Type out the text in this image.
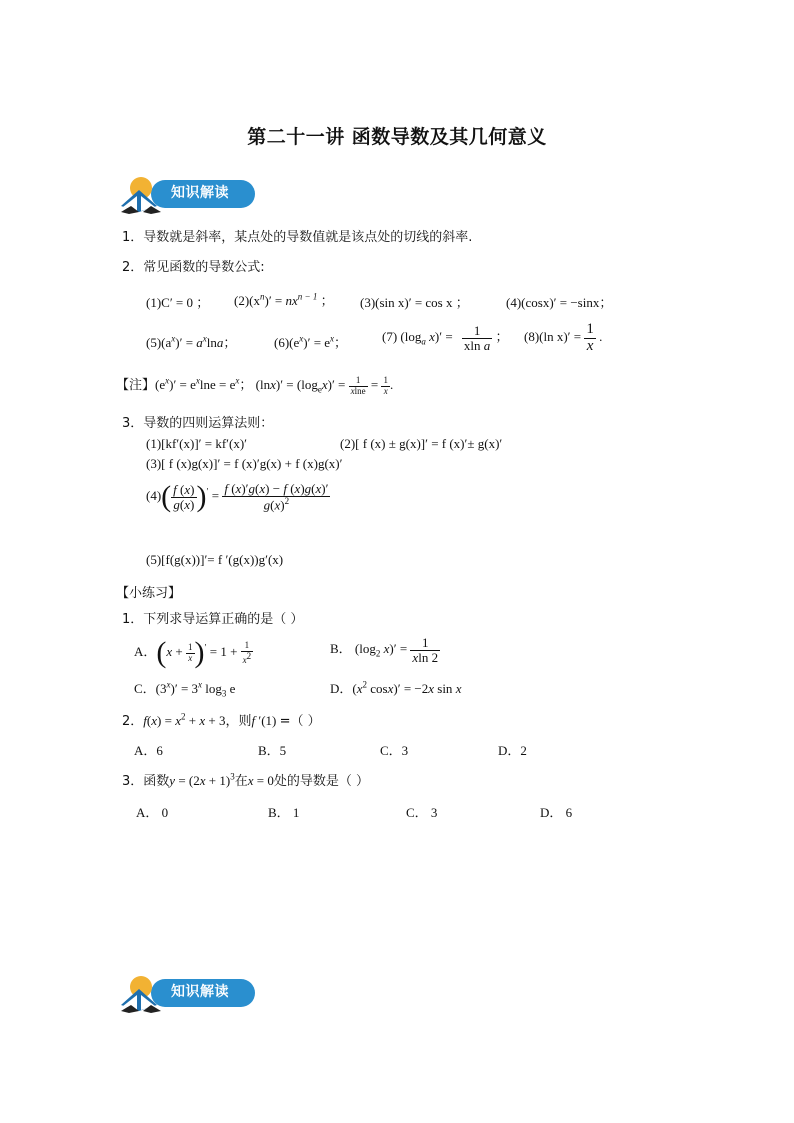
第二十一讲 函数导数及其几何意义
知识解读
1．导数就是斜率，某点处的导数值就是该点处的切线的斜率.
2．常见函数的导数公式:
(1)C′ = 0 ； $(2)(x^n)' = nx^{n - 1}$ ； (3)(sin x)′ = cos x ；	(4)(cosx)′ = −sinx；
$(5)(a^x)' = a^x\ln a$；	$(6)(e^x)' = e^x$；	(7) ($\log_a$ $x)' = \frac{1}{\text{xln a}}$ ； (8)(ln $x)' = \frac{1}{x}$ .
【注】$(e^x)' = e^x\ln e = e^x$； $(\ln x)' = (\log_ex)' = \frac{1}{xlne} = \frac{1}{x}$ .
3．导数的四则运算法则：
(1)[kf′(x)]′ = kf′(x)′	(2)[ f (x) ± g(x)]′ = f (x)′± g(x)′
(3)[ f (x)g(x)]′ = f (x)′g(x) + f (x)g(x)′
$(4)( \frac{f (x)}{g(x)} )' = \frac{f (x)'g(x) - f (x)g(x)'}{g(x)^2}$
(5)[f(g(x))]′= f ′(g(x))g′(x)
【小练习】
1．下列求导运算正确的是（ ）
A．$(x + \frac{1}{x} )' = 1 + \frac{1}{x^2}$	B． ($\log_2$ $x)' = \frac{1}{xln 2}$
C．$(3^x)' = 3^x$ $\log_3 e$	D．($x^2$ cosx)′ = −2x sin x
2．$f(x) = x^2 + x + 3$，则f ′(1) =（ ）
A．6	B．5	C．3	D．2
3．函数$y = (2x + 1)^3$在x = 0处的导数是（ ）
A． 0	B． 1	C． 3	D． 6
知识解读
